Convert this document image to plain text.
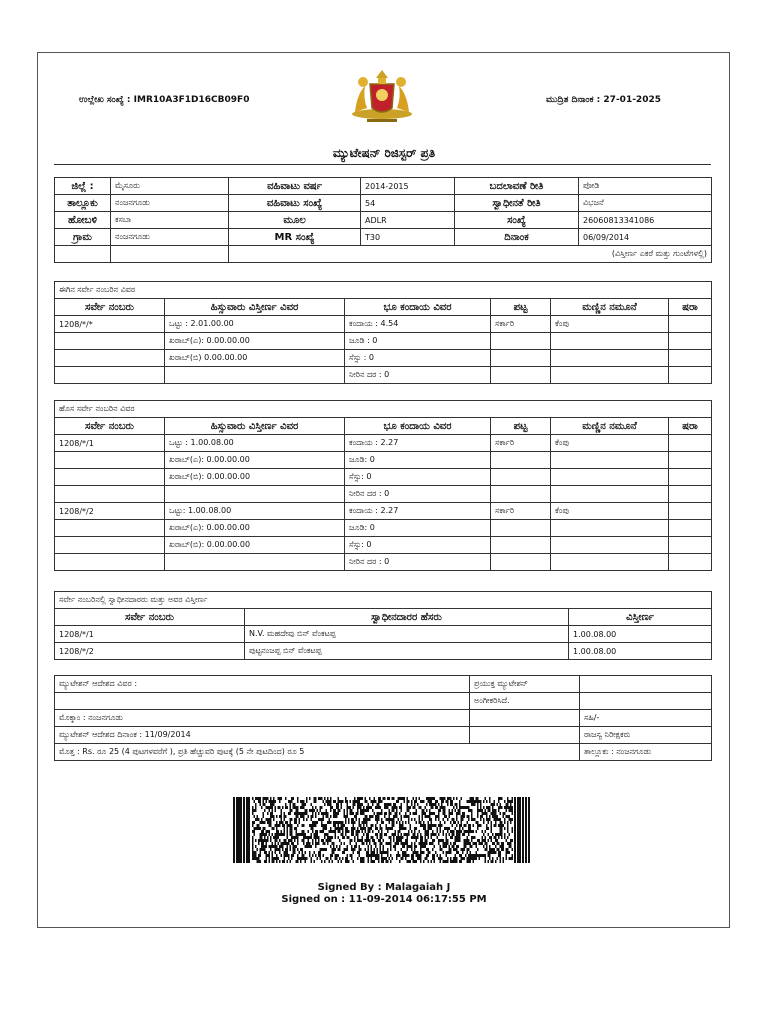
ಉಲ್ಲೇಖ ಸಂಖ್ಯೆ : IMR10A3F1D16CB09F0	ಮುದ್ರಿತ ದಿನಾಂಕ : 27-01-2025
ಮ್ಯುಟೇಷನ್ ರಿಜಿಸ್ಟರ್ ಪ್ರತಿ
ಜಿಲ್ಲೆ :	ಮೈಸೂರು	ವಹಿವಾಟು ವರ್ಷ	2014-2015	ಬದಲಾವಣೆ ರೀತಿ	ಪೋಡಿ
ತಾಲ್ಲೂಕು	ನಂಜನಗೂಡು	ವಹಿವಾಟು ಸಂಖ್ಯೆ	54	ಸ್ವಾಧೀನತೆ ರೀತಿ	ವಿಭಜನೆ
ಹೋಬಳಿ	ಕಸಬಾ	ಮೂಲ	ADLR	ಸಂಖ್ಯೆ	26060813341086
ಗ್ರಾಮ	ನಂಜನಗೂಡು	MR ಸಂಖ್ಯೆ	T30	ದಿನಾಂಕ	06/09/2014
		(ವಿಸ್ತೀರ್ಣ ಎಕರೆ ಮತ್ತು ಗುಂಟೆಗಳಲ್ಲಿ)			
ಈಗಿನ ಸರ್ವೇ ನಂಬರಿನ ವಿವರ					
ಸರ್ವೇ ನಂಬರು	ಹಿಸ್ಸುವಾರು ವಿಸ್ತೀರ್ಣ ವಿವರ	ಭೂ ಕಂದಾಯ ವಿವರ	ಪಟ್ಟ	ಮಣ್ಣಿನ ನಮೂನೆ	ಷರಾ
1208/*/*	ಒಟ್ಟು : 2.01.00.00	ಕಂದಾಯ : 4.54	ಸರ್ಕಾರಿ	ಕೆಂಪು	
	ಖರಾಬ್(ಎ): 0.00.00.00	ಜೂಡಿ : 0			
	ಖರಾಬ್(ಬಿ) 0.00.00.00	ಸೆಸ್ಸು : 0			
		ನೀರಿನ ದರ : 0			
ಹೊಸ ಸರ್ವೇ ನಂಬರಿನ ವಿವರ					
ಸರ್ವೇ ನಂಬರು	ಹಿಸ್ಸುವಾರು ವಿಸ್ತೀರ್ಣ ವಿವರ	ಭೂ ಕಂದಾಯ ವಿವರ	ಪಟ್ಟ	ಮಣ್ಣಿನ ನಮೂನೆ	ಷರಾ
1208/*/1	ಒಟ್ಟು : 1.00.08.00	ಕಂದಾಯ : 2.27	ಸರ್ಕಾರಿ	ಕೆಂಪು	
	ಖರಾಬ್(ಎ): 0.00.00.00	ಜೂಡಿ: 0			
	ಖರಾಬ್(ಬಿ): 0.00.00.00	ಸೆಸ್ಸು: 0			
		ನೀರಿನ ದರ : 0			
1208/*/2	ಒಟ್ಟು: 1.00.08.00	ಕಂದಾಯ : 2.27	ಸರ್ಕಾರಿ	ಕೆಂಪು	
	ಖರಾಬ್(ಎ): 0.00.00.00	ಜೂಡಿ: 0			
	ಖರಾಬ್(ಬಿ): 0.00.00.00	ಸೆಸ್ಸು: 0			
		ನೀರಿನ ದರ : 0			
ಸರ್ವೇ ನಂಬರಿನಲ್ಲಿ ಸ್ವಾಧೀನದಾರರು ಮತ್ತು ಅವರ ವಿಸ್ತೀರ್ಣ		
ಸರ್ವೇ ನಂಬರು	ಸ್ವಾಧೀನದಾರರ ಹೆಸರು	ವಿಸ್ತೀರ್ಣ
1208/*/1	N.V. ಮಹದೇವು ಬಿನ್ ವೆಂಕಟಪ್ಪ	1.00.08.00
1208/*/2	ಪುಟ್ಟನಂಜಪ್ಪ ಬಿನ್ ವೆಂಕಟಪ್ಪ	1.00.08.00
ಮ್ಯುಟೇಶನ್ ಆದೇಶದ ವಿವರ :	ಪ್ರಯುಕ್ತ ಮ್ಯುಟೇಶನ್	
	ಅಂಗೀಕರಿಸಿದೆ.	
ಮೊಕ್ಕಾಂ : ನಂಜನಗೂಡು		ಸಹಿ/-
ಮ್ಯುಟೇಶನ್ ಆದೇಶದ ದಿನಾಂಕ : 11/09/2014		ರಾಜಸ್ವ ನಿರೀಕ್ಷಕರು
ಮೊತ್ತ : Rs. ರೂ 25 (4 ಪುಟಗಳವರೆಗೆ ), ಪ್ರತಿ ಹೆಚ್ಚುವರಿ ಪುಟಕ್ಕೆ (5 ನೇ ಪುಟದಿಂದ) ರೂ 5		ತಾಲ್ಲೂಕು : ನಂಜನಗೂಡು
Signed By : Malagaiah J
Signed on : 11-09-2014 06:17:55 PM
